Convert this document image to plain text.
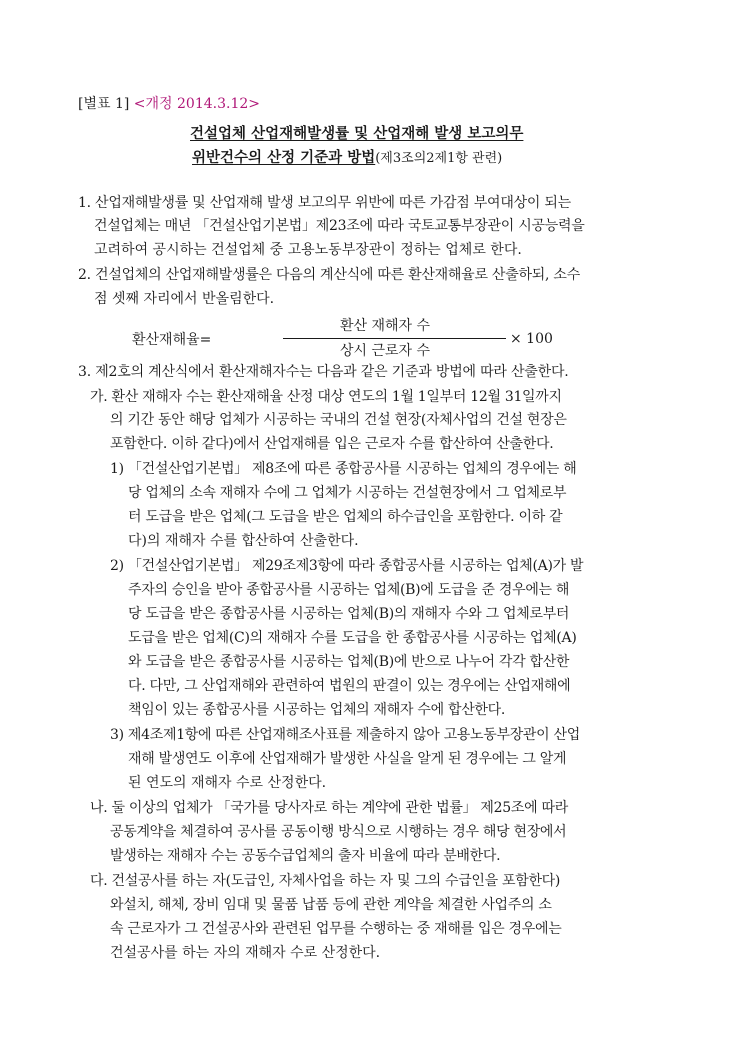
[별표 1] <개정 2014.3.12>
건설업체 산업재해발생률 및 산업재해 발생 보고의무
위반건수의 산정 기준과 방법(제3조의2제1항 관련)
1. 산업재해발생률 및 산업재해 발생 보고의무 위반에 따른 가감점 부여대상이 되는
건설업체는 매년 「건설산업기본법」제23조에 따라 국토교통부장관이 시공능력을
고려하여 공시하는 건설업체 중 고용노동부장관이 정하는 업체로 한다.
2. 건설업체의 산업재해발생률은 다음의 계산식에 따른 환산재해율로 산출하되, 소수
점 셋째 자리에서 반올림한다.
환산재해율=
환산 재해자 수
× 100
상시 근로자 수
3. 제2호의 계산식에서 환산재해자수는 다음과 같은 기준과 방법에 따라 산출한다.
가. 환산 재해자 수는 환산재해율 산정 대상 연도의 1월 1일부터 12월 31일까지
의 기간 동안 해당 업체가 시공하는 국내의 건설 현장(자체사업의 건설 현장은
포함한다. 이하 같다)에서 산업재해를 입은 근로자 수를 합산하여 산출한다.
1) 「건설산업기본법」 제8조에 따른 종합공사를 시공하는 업체의 경우에는 해
당 업체의 소속 재해자 수에 그 업체가 시공하는 건설현장에서 그 업체로부
터 도급을 받은 업체(그 도급을 받은 업체의 하수급인을 포함한다. 이하 같
다)의 재해자 수를 합산하여 산출한다.
2) 「건설산업기본법」 제29조제3항에 따라 종합공사를 시공하는 업체(A)가 발
주자의 승인을 받아 종합공사를 시공하는 업체(B)에 도급을 준 경우에는 해
당 도급을 받은 종합공사를 시공하는 업체(B)의 재해자 수와 그 업체로부터
도급을 받은 업체(C)의 재해자 수를 도급을 한 종합공사를 시공하는 업체(A)
와 도급을 받은 종합공사를 시공하는 업체(B)에 반으로 나누어 각각 합산한
다. 다만, 그 산업재해와 관련하여 법원의 판결이 있는 경우에는 산업재해에
책임이 있는 종합공사를 시공하는 업체의 재해자 수에 합산한다.
3) 제4조제1항에 따른 산업재해조사표를 제출하지 않아 고용노동부장관이 산업
재해 발생연도 이후에 산업재해가 발생한 사실을 알게 된 경우에는 그 알게
된 연도의 재해자 수로 산정한다.
나. 둘 이상의 업체가 「국가를 당사자로 하는 계약에 관한 법률」 제25조에 따라
공동계약을 체결하여 공사를 공동이행 방식으로 시행하는 경우 해당 현장에서
발생하는 재해자 수는 공동수급업체의 출자 비율에 따라 분배한다.
다. 건설공사를 하는 자(도급인, 자체사업을 하는 자 및 그의 수급인을 포함한다)
와설치, 해체, 장비 임대 및 물품 납품 등에 관한 계약을 체결한 사업주의 소
속 근로자가 그 건설공사와 관련된 업무를 수행하는 중 재해를 입은 경우에는
건설공사를 하는 자의 재해자 수로 산정한다.
